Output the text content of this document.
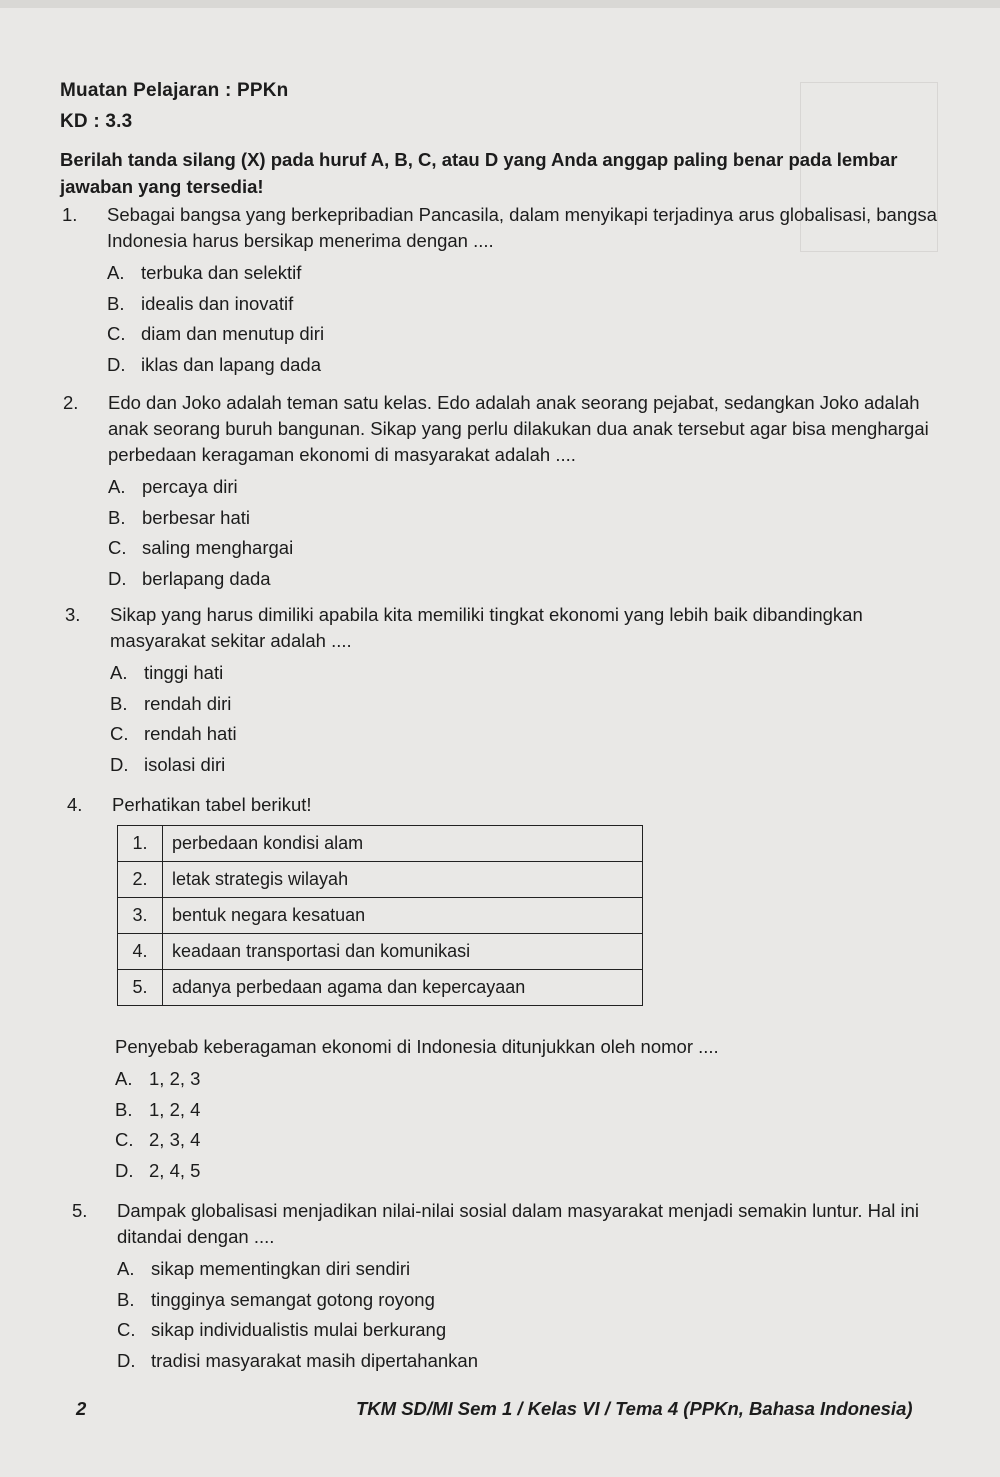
Muatan Pelajaran : PPKn
KD : 3.3
Berilah tanda silang (X) pada huruf A, B, C, atau D yang Anda anggap paling benar pada lembar jawaban yang tersedia!
1. Sebagai bangsa yang berkepribadian Pancasila, dalam menyikapi terjadinya arus globalisasi, bangsa Indonesia harus bersikap menerima dengan ....
A. terbuka dan selektif
B. idealis dan inovatif
C. diam dan menutup diri
D. iklas dan lapang dada
2. Edo dan Joko adalah teman satu kelas. Edo adalah anak seorang pejabat, sedangkan Joko adalah anak seorang buruh bangunan. Sikap yang perlu dilakukan dua anak tersebut agar bisa menghargai perbedaan keragaman ekonomi di masyarakat adalah ....
A. percaya diri
B. berbesar hati
C. saling menghargai
D. berlapang dada
3. Sikap yang harus dimiliki apabila kita memiliki tingkat ekonomi yang lebih baik dibandingkan masyarakat sekitar adalah ....
A. tinggi hati
B. rendah diri
C. rendah hati
D. isolasi diri
4. Perhatikan tabel berikut!
1.	perbedaan kondisi alam
2.	letak strategis wilayah
3.	bentuk negara kesatuan
4.	keadaan transportasi dan komunikasi
5.	adanya perbedaan agama dan kepercayaan
Penyebab keberagaman ekonomi di Indonesia ditunjukkan oleh nomor ....
A. 1, 2, 3
B. 1, 2, 4
C. 2, 3, 4
D. 2, 4, 5
5. Dampak globalisasi menjadikan nilai-nilai sosial dalam masyarakat menjadi semakin luntur. Hal ini ditandai dengan ....
A. sikap mementingkan diri sendiri
B. tingginya semangat gotong royong
C. sikap individualistis mulai berkurang
D. tradisi masyarakat masih dipertahankan
2	TKM SD/MI Sem 1 / Kelas VI / Tema 4 (PPKn, Bahasa Indonesia)
